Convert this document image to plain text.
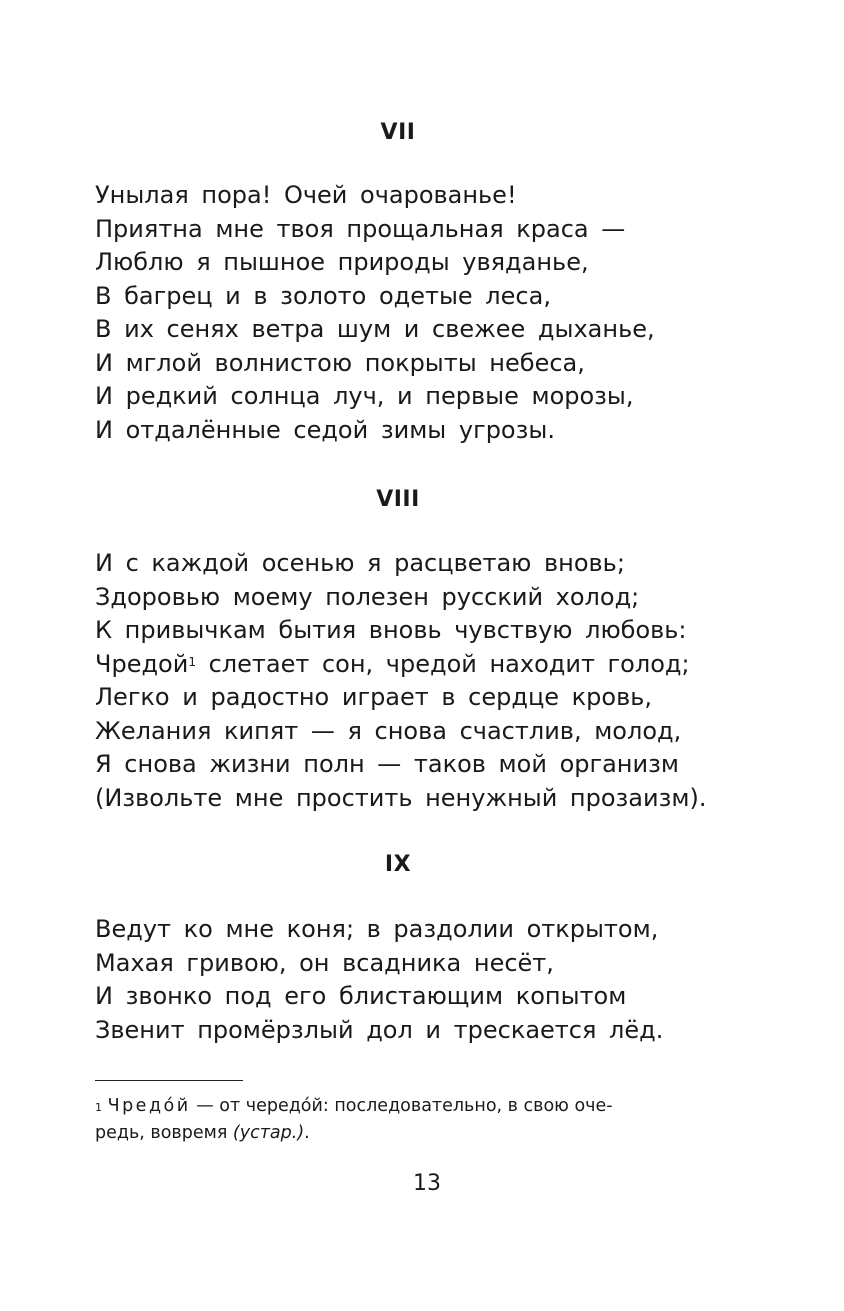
VII
Унылая пора! Очей очарованье!
Приятна мне твоя прощальная краса —
Люблю я пышное природы увяданье,
В багрец и в золото одетые леса,
В их сенях ветра шум и свежее дыханье,
И мглой волнистою покрыты небеса,
И редкий солнца луч, и первые морозы,
И отдалённые седой зимы угрозы.
VIII
И с каждой осенью я расцветаю вновь;
Здоровью моему полезен русский холод;
К привычкам бытия вновь чувствую любовь:
Чредой$^1$ слетает сон, чредой находит голод;
Легко и радостно играет в сердце кровь,
Желания кипят — я снова счастлив, молод,
Я снова жизни полн — таков мой организм
(Извольте мне простить ненужный прозаизм).
IX
Ведут ко мне коня; в раздолии открытом,
Махая гривою, он всадника несёт,
И звонко под его блистающим копытом
Звенит промёрзлый дол и трескается лёд.
$^1$ Чредо́й — от чередо́й: последовательно, в свою оче-
редь, вовремя (устар.).
13
